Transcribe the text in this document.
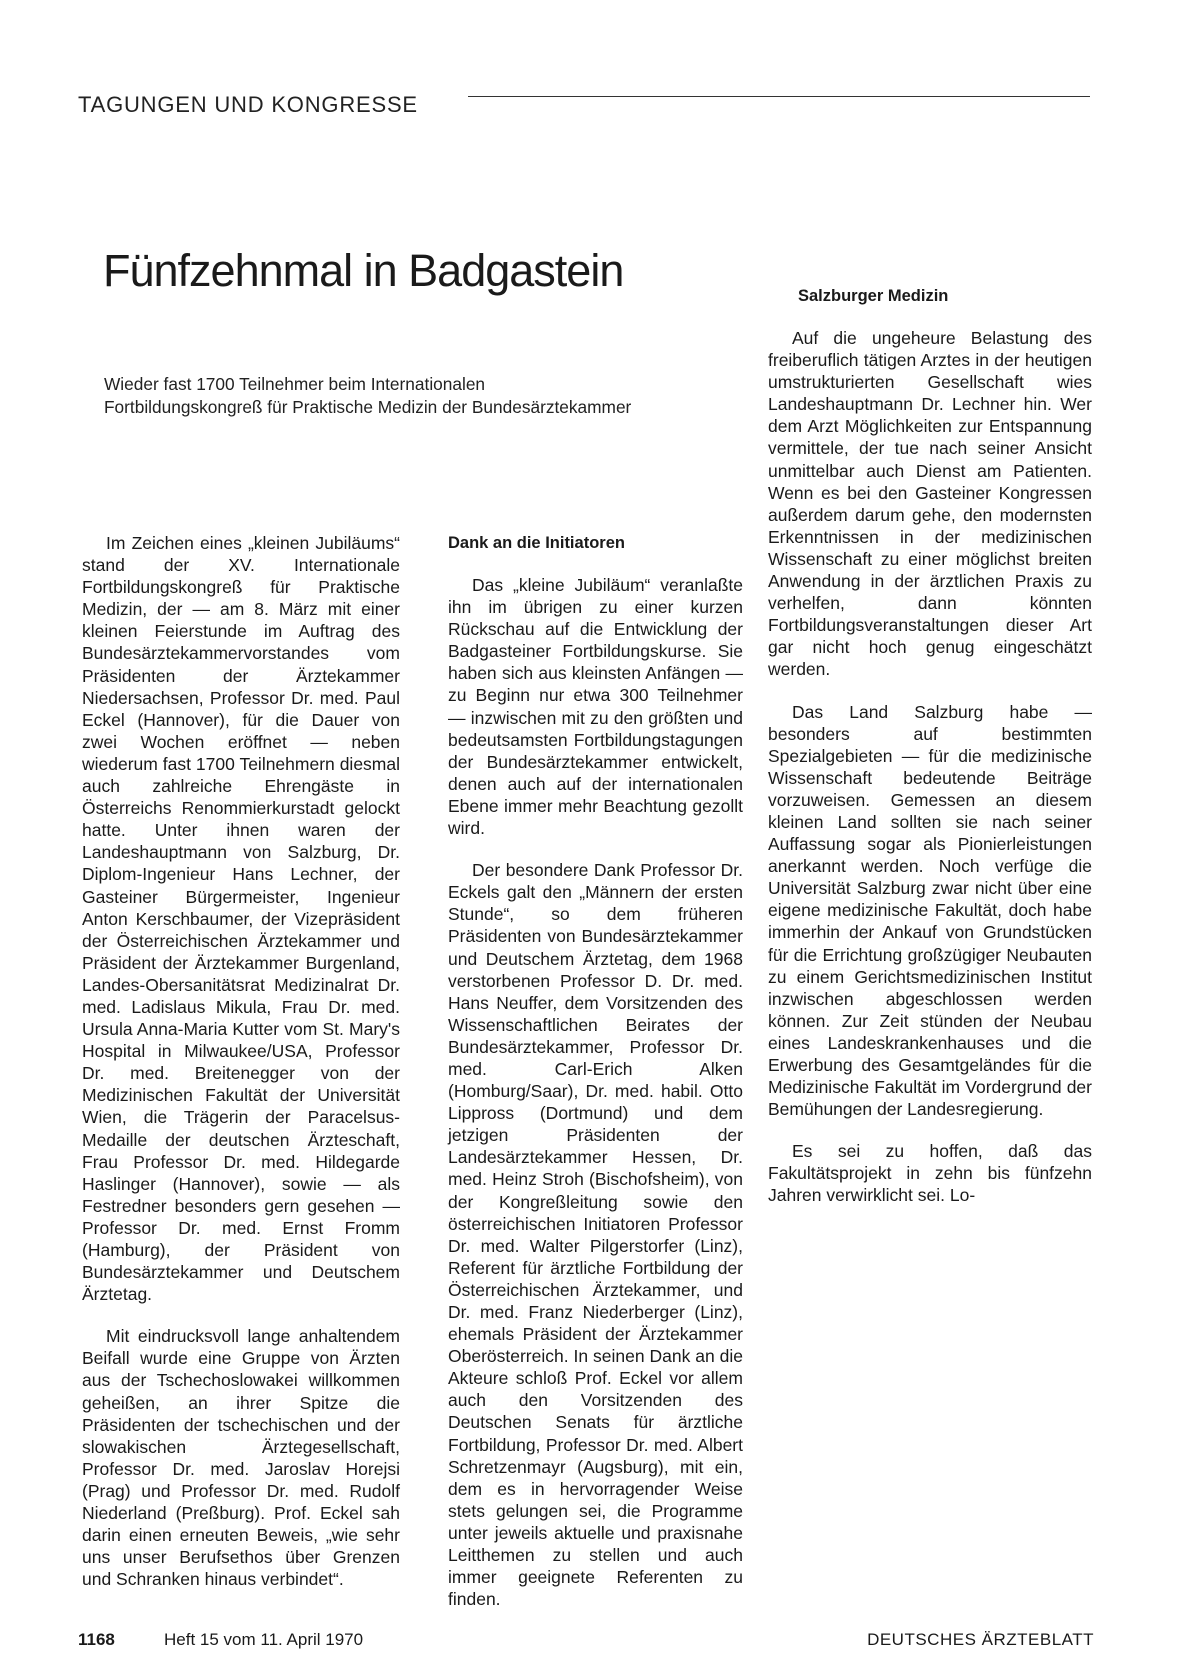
TAGUNGEN UND KONGRESSE
Fünfzehnmal in Badgastein
Wieder fast 1700 Teilnehmer beim Internationalen
Fortbildungskongreß für Praktische Medizin der Bundesärztekammer

Im Zeichen eines „kleinen Jubiläums“ stand der XV. Internationale Fortbildungskongreß für Praktische Medizin, der — am 8. März mit einer kleinen Feierstunde im Auftrag des Bundesärztekammervorstandes vom Präsidenten der Ärztekammer Niedersachsen, Professor Dr. med. Paul Eckel (Hannover), für die Dauer von zwei Wochen eröffnet — neben wiederum fast 1700 Teilnehmern diesmal auch zahlreiche Ehrengäste in Österreichs Renommierkurstadt gelockt hatte. Unter ihnen waren der Landeshauptmann von Salzburg, Dr. Diplom-Ingenieur Hans Lechner, der Gasteiner Bürgermeister, Ingenieur Anton Kerschbaumer, der Vizepräsident der Österreichischen Ärztekammer und Präsident der Ärztekammer Burgenland, Landes-Obersanitätsrat Medizinalrat Dr. med. Ladislaus Mikula, Frau Dr. med. Ursula Anna-Maria Kutter vom St. Mary's Hospital in Milwaukee/USA, Professor Dr. med. Breitenegger von der Medizinischen Fakultät der Universität Wien, die Trägerin der Paracelsus-Medaille der deutschen Ärzteschaft, Frau Professor Dr. med. Hildegarde Haslinger (Hannover), sowie — als Festredner besonders gern gesehen — Professor Dr. med. Ernst Fromm (Hamburg), der Präsident von Bundesärztekammer und Deutschem Ärztetag.

Mit eindrucksvoll lange anhaltendem Beifall wurde eine Gruppe von Ärzten aus der Tschechoslowakei willkommen geheißen, an ihrer Spitze die Präsidenten der tschechischen und der slowakischen Ärztegesellschaft, Professor Dr. med. Jaroslav Horejsi (Prag) und Professor Dr. med. Rudolf Niederland (Preßburg). Prof. Eckel sah darin einen erneuten Beweis, „wie sehr uns unser Berufsethos über Grenzen und Schranken hinaus verbindet“.

Dank an die Initiatoren

Das „kleine Jubiläum“ veranlaßte ihn im übrigen zu einer kurzen Rückschau auf die Entwicklung der Badgasteiner Fortbildungskurse. Sie haben sich aus kleinsten Anfängen — zu Beginn nur etwa 300 Teilnehmer — inzwischen mit zu den größten und bedeutsamsten Fortbildungstagungen der Bundesärztekammer entwickelt, denen auch auf der internationalen Ebene immer mehr Beachtung gezollt wird.

Der besondere Dank Professor Dr. Eckels galt den „Männern der ersten Stunde“, so dem früheren Präsidenten von Bundesärztekammer und Deutschem Ärztetag, dem 1968 verstorbenen Professor D. Dr. med. Hans Neuffer, dem Vorsitzenden des Wissenschaftlichen Beirates der Bundesärztekammer, Professor Dr. med. Carl-Erich Alken (Homburg/Saar), Dr. med. habil. Otto Lippross (Dortmund) und dem jetzigen Präsidenten der Landesärztekammer Hessen, Dr. med. Heinz Stroh (Bischofsheim), von der Kongreßleitung sowie den österreichischen Initiatoren Professor Dr. med. Walter Pilgerstorfer (Linz), Referent für ärztliche Fortbildung der Österreichischen Ärztekammer, und Dr. med. Franz Niederberger (Linz), ehemals Präsident der Ärztekammer Oberösterreich. In seinen Dank an die Akteure schloß Prof. Eckel vor allem auch den Vorsitzenden des Deutschen Senats für ärztliche Fortbildung, Professor Dr. med. Albert Schretzenmayr (Augsburg), mit ein, dem es in hervorragender Weise stets gelungen sei, die Programme unter jeweils aktuelle und praxisnahe Leitthemen zu stellen und auch immer geeignete Referenten zu finden.

Salzburger Medizin

Auf die ungeheure Belastung des freiberuflich tätigen Arztes in der heutigen umstrukturierten Gesellschaft wies Landeshauptmann Dr. Lechner hin. Wer dem Arzt Möglichkeiten zur Entspannung vermittele, der tue nach seiner Ansicht unmittelbar auch Dienst am Patienten. Wenn es bei den Gasteiner Kongressen außerdem darum gehe, den modernsten Erkenntnissen in der medizinischen Wissenschaft zu einer möglichst breiten Anwendung in der ärztlichen Praxis zu verhelfen, dann könnten Fortbildungsveranstaltungen dieser Art gar nicht hoch genug eingeschätzt werden.

Das Land Salzburg habe — besonders auf bestimmten Spezialgebieten — für die medizinische Wissenschaft bedeutende Beiträge vorzuweisen. Gemessen an diesem kleinen Land sollten sie nach seiner Auffassung sogar als Pionierleistungen anerkannt werden. Noch verfüge die Universität Salzburg zwar nicht über eine eigene medizinische Fakultät, doch habe immerhin der Ankauf von Grundstücken für die Errichtung großzügiger Neubauten zu einem Gerichtsmedizinischen Institut inzwischen abgeschlossen werden können. Zur Zeit stünden der Neubau eines Landeskrankenhauses und die Erwerbung des Gesamtgeländes für die Medizinische Fakultät im Vordergrund der Bemühungen der Landesregierung.

Es sei zu hoffen, daß das Fakultätsprojekt in zehn bis fünfzehn Jahren verwirklicht sei. Lo-

1168	Heft 15 vom 11. April 1970	DEUTSCHES ÄRZTEBLATT
